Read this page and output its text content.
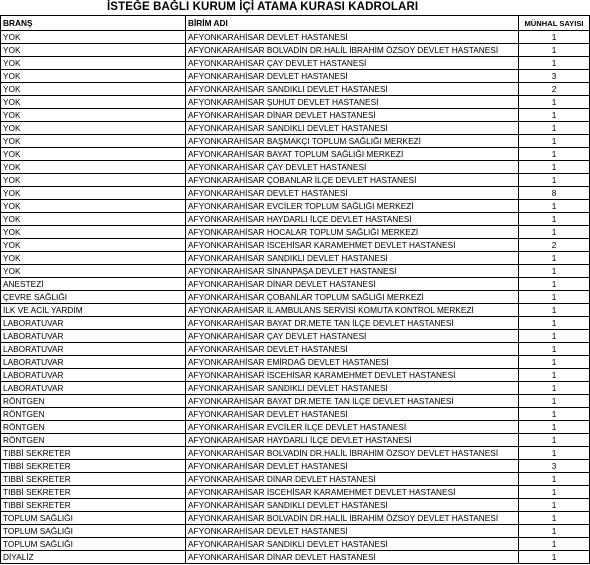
İSTEĞE BAĞLI KURUM İÇİ ATAMA KURASI KADROLARI
BRANŞ	BİRİM ADI	MÜNHAL SAYISI
YOK	AFYONKARAHİSAR DEVLET HASTANESİ	1
YOK	AFYONKARAHİSAR BOLVADİN DR.HALİL İBRAHİM ÖZSOY DEVLET HASTANESİ	1
YOK	AFYONKARAHİSAR ÇAY DEVLET HASTANESİ	1
YOK	AFYONKARAHİSAR DEVLET HASTANESİ	3
YOK	AFYONKARAHİSAR SANDIKLI DEVLET HASTANESİ	2
YOK	AFYONKARAHİSAR ŞUHUT DEVLET HASTANESİ	1
YOK	AFYONKARAHİSAR DİNAR DEVLET HASTANESİ	1
YOK	AFYONKARAHİSAR SANDIKLI DEVLET HASTANESİ	1
YOK	AFYONKARAHİSAR BAŞMAKÇI TOPLUM SAĞLIĞI MERKEZİ	1
YOK	AFYONKARAHİSAR BAYAT TOPLUM SAĞLIĞI MERKEZİ	1
YOK	AFYONKARAHİSAR ÇAY DEVLET HASTANESİ	1
YOK	AFYONKARAHİSAR ÇOBANLAR İLÇE DEVLET HASTANESİ	1
YOK	AFYONKARAHİSAR DEVLET HASTANESİ	8
YOK	AFYONKARAHİSAR EVCİLER TOPLUM SAĞLIĞI MERKEZİ	1
YOK	AFYONKARAHİSAR HAYDARLI İLÇE DEVLET HASTANESİ	1
YOK	AFYONKARAHİSAR HOCALAR TOPLUM SAĞLIĞI MERKEZİ	1
YOK	AFYONKARAHİSAR İSCEHİSAR KARAMEHMET DEVLET HASTANESİ	2
YOK	AFYONKARAHİSAR SANDIKLI DEVLET HASTANESİ	1
YOK	AFYONKARAHİSAR SİNANPAŞA DEVLET HASTANESİ	1
ANESTEZİ	AFYONKARAHİSAR DİNAR DEVLET HASTANESİ	1
ÇEVRE SAĞLIĞI	AFYONKARAHİSAR ÇOBANLAR TOPLUM SAĞLIĞI MERKEZİ	1
İLK VE ACİL YARDIM	AFYONKARAHİSAR İL AMBULANS SERVİSİ KOMUTA KONTROL MERKEZİ	1
LABORATUVAR	AFYONKARAHİSAR BAYAT DR.METE TAN İLÇE DEVLET HASTANESİ	1
LABORATUVAR	AFYONKARAHİSAR ÇAY DEVLET HASTANESİ	1
LABORATUVAR	AFYONKARAHİSAR DEVLET HASTANESİ	1
LABORATUVAR	AFYONKARAHİSAR EMİRDAĞ DEVLET HASTANESİ	1
LABORATUVAR	AFYONKARAHİSAR İSCEHİSAR KARAMEHMET DEVLET HASTANESİ	1
LABORATUVAR	AFYONKARAHİSAR SANDIKLI DEVLET HASTANESİ	1
RÖNTGEN	AFYONKARAHİSAR BAYAT DR.METE TAN İLÇE DEVLET HASTANESİ	1
RÖNTGEN	AFYONKARAHİSAR DEVLET HASTANESİ	1
RÖNTGEN	AFYONKARAHİSAR EVCİLER İLÇE DEVLET HASTANESİ	1
RÖNTGEN	AFYONKARAHİSAR HAYDARLI İLÇE DEVLET HASTANESİ	1
TIBBİ SEKRETER	AFYONKARAHİSAR BOLVADİN DR.HALİL İBRAHİM ÖZSOY DEVLET HASTANESİ	1
TIBBİ SEKRETER	AFYONKARAHİSAR DEVLET HASTANESİ	3
TIBBİ SEKRETER	AFYONKARAHİSAR DİNAR DEVLET HASTANESİ	1
TIBBİ SEKRETER	AFYONKARAHİSAR İSCEHİSAR KARAMEHMET DEVLET HASTANESİ	1
TIBBİ SEKRETER	AFYONKARAHİSAR SANDIKLI DEVLET HASTANESİ	1
TOPLUM SAĞLIĞI	AFYONKARAHİSAR BOLVADİN DR.HALİL İBRAHİM ÖZSOY DEVLET HASTANESİ	1
TOPLUM SAĞLIĞI	AFYONKARAHİSAR DEVLET HASTANESİ	1
TOPLUM SAĞLIĞI	AFYONKARAHİSAR SANDIKLI DEVLET HASTANESİ	1
DİYALİZ	AFYONKARAHİSAR DİNAR DEVLET HASTANESİ	1
